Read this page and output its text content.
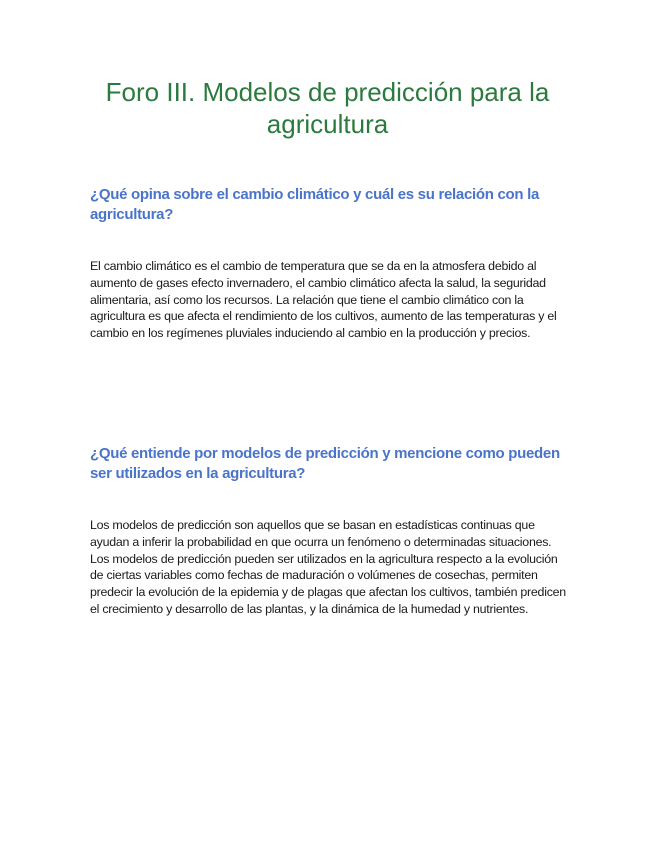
Foro III. Modelos de predicción para la agricultura
¿Qué opina sobre el cambio climático y cuál es su relación con la agricultura?

El cambio climático es el cambio de temperatura que se da en la atmosfera debido al aumento de gases efecto invernadero, el cambio climático afecta la salud, la seguridad alimentaria, así como los recursos. La relación que tiene el cambio climático con la agricultura es que afecta el rendimiento de los cultivos, aumento de las temperaturas y el cambio en los regímenes pluviales induciendo al cambio en la producción y precios.

¿Qué entiende por modelos de predicción y mencione como pueden ser utilizados en la agricultura?

Los modelos de predicción son aquellos que se basan en estadísticas continuas que ayudan a inferir la probabilidad en que ocurra un fenómeno o determinadas situaciones. Los modelos de predicción pueden ser utilizados en la agricultura respecto a la evolución de ciertas variables como fechas de maduración o volúmenes de cosechas, permiten predecir la evolución de la epidemia y de plagas que afectan los cultivos, también predicen el crecimiento y desarrollo de las plantas, y la dinámica de la humedad y nutrientes.
